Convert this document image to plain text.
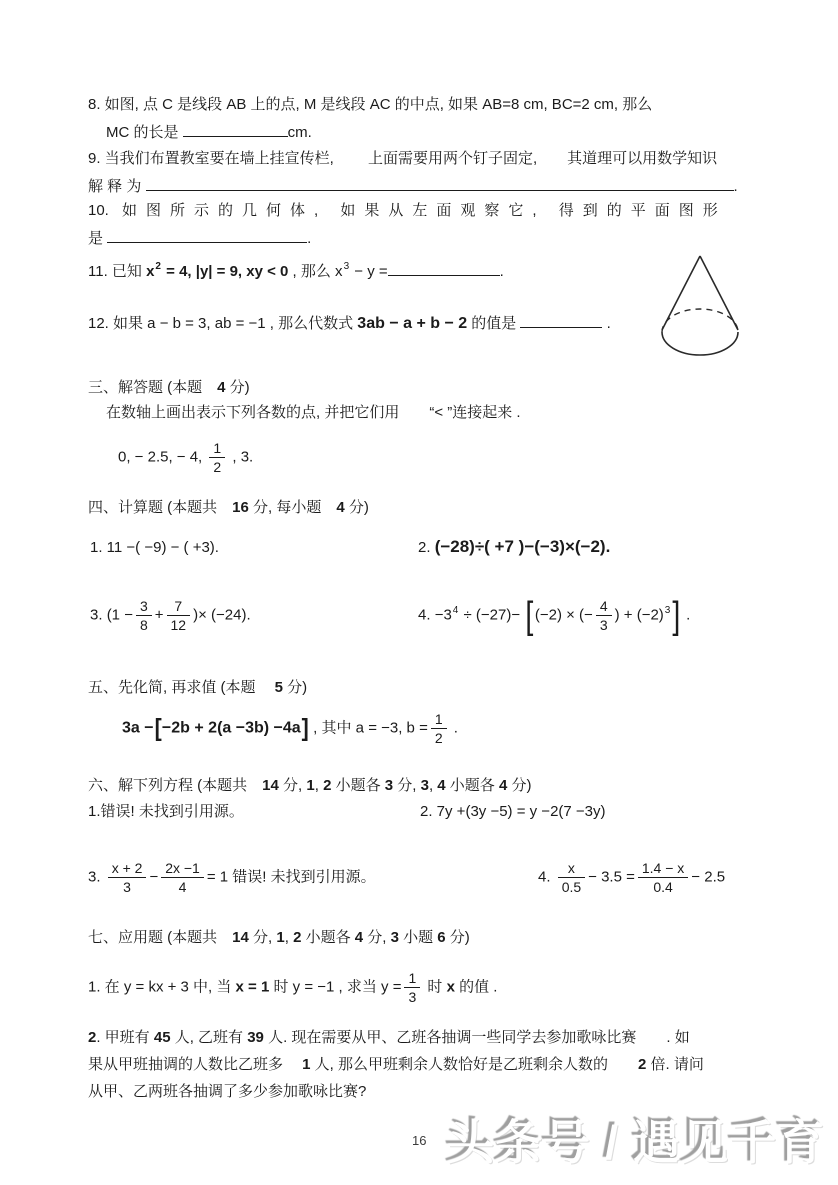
8. 如图, 点 C 是线段 AB 上的点, M 是线段 AC 的中点, 如果 AB=8 cm, BC=2 cm, 那么
MC 的长是	cm.
9. 当我们布置教室要在墙上挂宣传栏,　　 上面需要用两个钉子固定,　　其道理可以用数学知识
解 释 为	.
10. 如图所示的几何体, 如果从左面观察它, 得到的平面图形
是	.
11. 已知 $x^2 = 4$, |y| = 9, xy < 0 , 那么 $x^3 - y$ =	.
12. 如果 a − b = 3, ab = −1 , 那么代数式 3ab − a + b − 2 的值是	.
三、解答题 (本题　4 分)
在数轴上画出表示下列各数的点, 并把它们用　　“< ”连接起来 .
0, − 2.5, − 4, $\frac{1}{2}$ , 3.
四、计算题 (本题共　16 分, 每小题　4 分)
1. 11 −( −9) − ( +3).	2. (−28)÷( +7 )−(−3)×(−2).
3. ($1 - \frac{3}{8} + \frac{7}{12}$ )× (−24).	4. $-3^4 \div (-27)- [(-2)$ × (− $\frac{4}{3}$ ) + $(-2)^3$] .
五、先化简, 再求值 (本题　 5 分)
3a −[−2b + 2(a −3b) −4a] , 其中 a = −3, $b = \frac{1}{2}$ .
六、解下列方程 (本题共　14 分, 1, 2 小题各 3 分, 3, 4 小题各 4 分)
1.错误! 未找到引用源。	2. 7y +(3y −5) = y −2(7 −3y)
3. $\frac{x + 2}{3} - \frac{2x -1}{4} = 1$ 错误! 未找到引用源。	4. $\frac{x}{0.5} - 3.5 = \frac{1.4 - x}{0.4} - 2.5$
七、应用题 (本题共　14 分, 1, 2 小题各 4 分, 3 小题 6 分)
1. 在 y = kx + 3 中, 当 x = 1 时 y = −1 , 求当 $y = \frac{1}{3}$ 时 x 的值 .
2. 甲班有 45 人, 乙班有 39 人. 现在需要从甲、乙班各抽调一些同学去参加歌咏比赛　　. 如
果从甲班抽调的人数比乙班多　 1 人, 那么甲班剩余人数恰好是乙班剩余人数的　　2 倍. 请问
从甲、乙两班各抽调了多少参加歌咏比赛?
16 头条号 / 遇见千育
